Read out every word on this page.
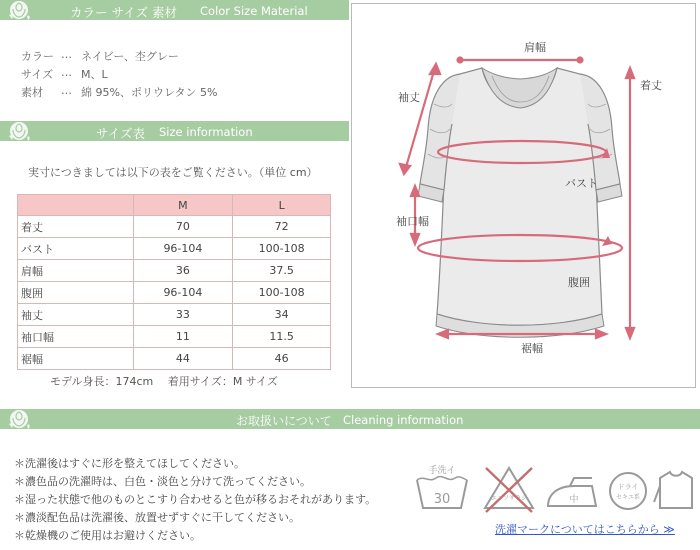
カラー サイズ 素材 Color Size Material
カラー … ネイビー、杢グレー
サイズ … M、L
素材	… 綿 95%、ポリウレタン 5%
サイズ表 Size information
実寸につきましては以下の表をご覧ください。（単位 cm）
	M	L
着丈	70	72
バスト	96-104	100-108
肩幅	36	37.5
腹囲	96-104	100-108
袖丈	33	34
袖口幅	11	11.5
裾幅	44	46
モデル身長：174cm　 着用サイズ：M サイズ
肩幅
袖丈
着丈
バスト
袖口幅
腹囲
裾幅
お取扱いについて Cleaning information
＊洗濯後はすぐに形を整えてほしてください。
＊濃色品の洗濯時は、白色・淡色と分けて洗ってください。
＊湿った状態で他のものとこすり合わせると色が移るおそれがあります。
＊濃淡配色品は洗濯後、放置せずすぐに干してください。
＊乾燥機のご使用はお避けください。
手洗イ
30	エンソサラシ	中
ドライ
セキユ系
洗濯マークについてはこちらから ≫
